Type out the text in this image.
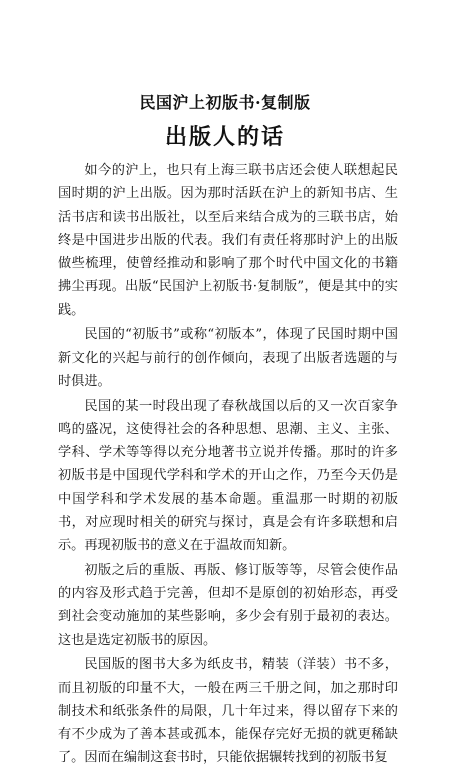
民国沪上初版书·复制版
出版人的话

如今的沪上，也只有上海三联书店还会使人联想起民国时期的沪上出版。因为那时活跃在沪上的新知书店、生活书店和读书出版社，以至后来结合成为的三联书店，始终是中国进步出版的代表。我们有责任将那时沪上的出版做些梳理，使曾经推动和影响了那个时代中国文化的书籍拂尘再现。出版“民国沪上初版书·复制版”，便是其中的实践。

民国的“初版书”或称“初版本”，体现了民国时期中国新文化的兴起与前行的创作倾向，表现了出版者选题的与时俱进。

民国的某一时段出现了春秋战国以后的又一次百家争鸣的盛况，这使得社会的各种思想、思潮、主义、主张、学科、学术等等得以充分地著书立说并传播。那时的许多初版书是中国现代学科和学术的开山之作，乃至今天仍是中国学科和学术发展的基本命题。重温那一时期的初版书，对应现时相关的研究与探讨，真是会有许多联想和启示。再现初版书的意义在于温故而知新。

初版之后的重版、再版、修订版等等，尽管会使作品的内容及形式趋于完善，但却不是原创的初始形态，再受到社会变动施加的某些影响，多少会有别于最初的表达。这也是选定初版书的原因。

民国版的图书大多为纸皮书，精装（洋装）书不多，而且初版的印量不大，一般在两三千册之间，加之那时印制技术和纸张条件的局限，几十年过来，得以留存下来的有不少成为了善本甚或孤本，能保存完好无损的就更稀缺了。因而在编制这套书时，只能依据辗转找到的初版书复
